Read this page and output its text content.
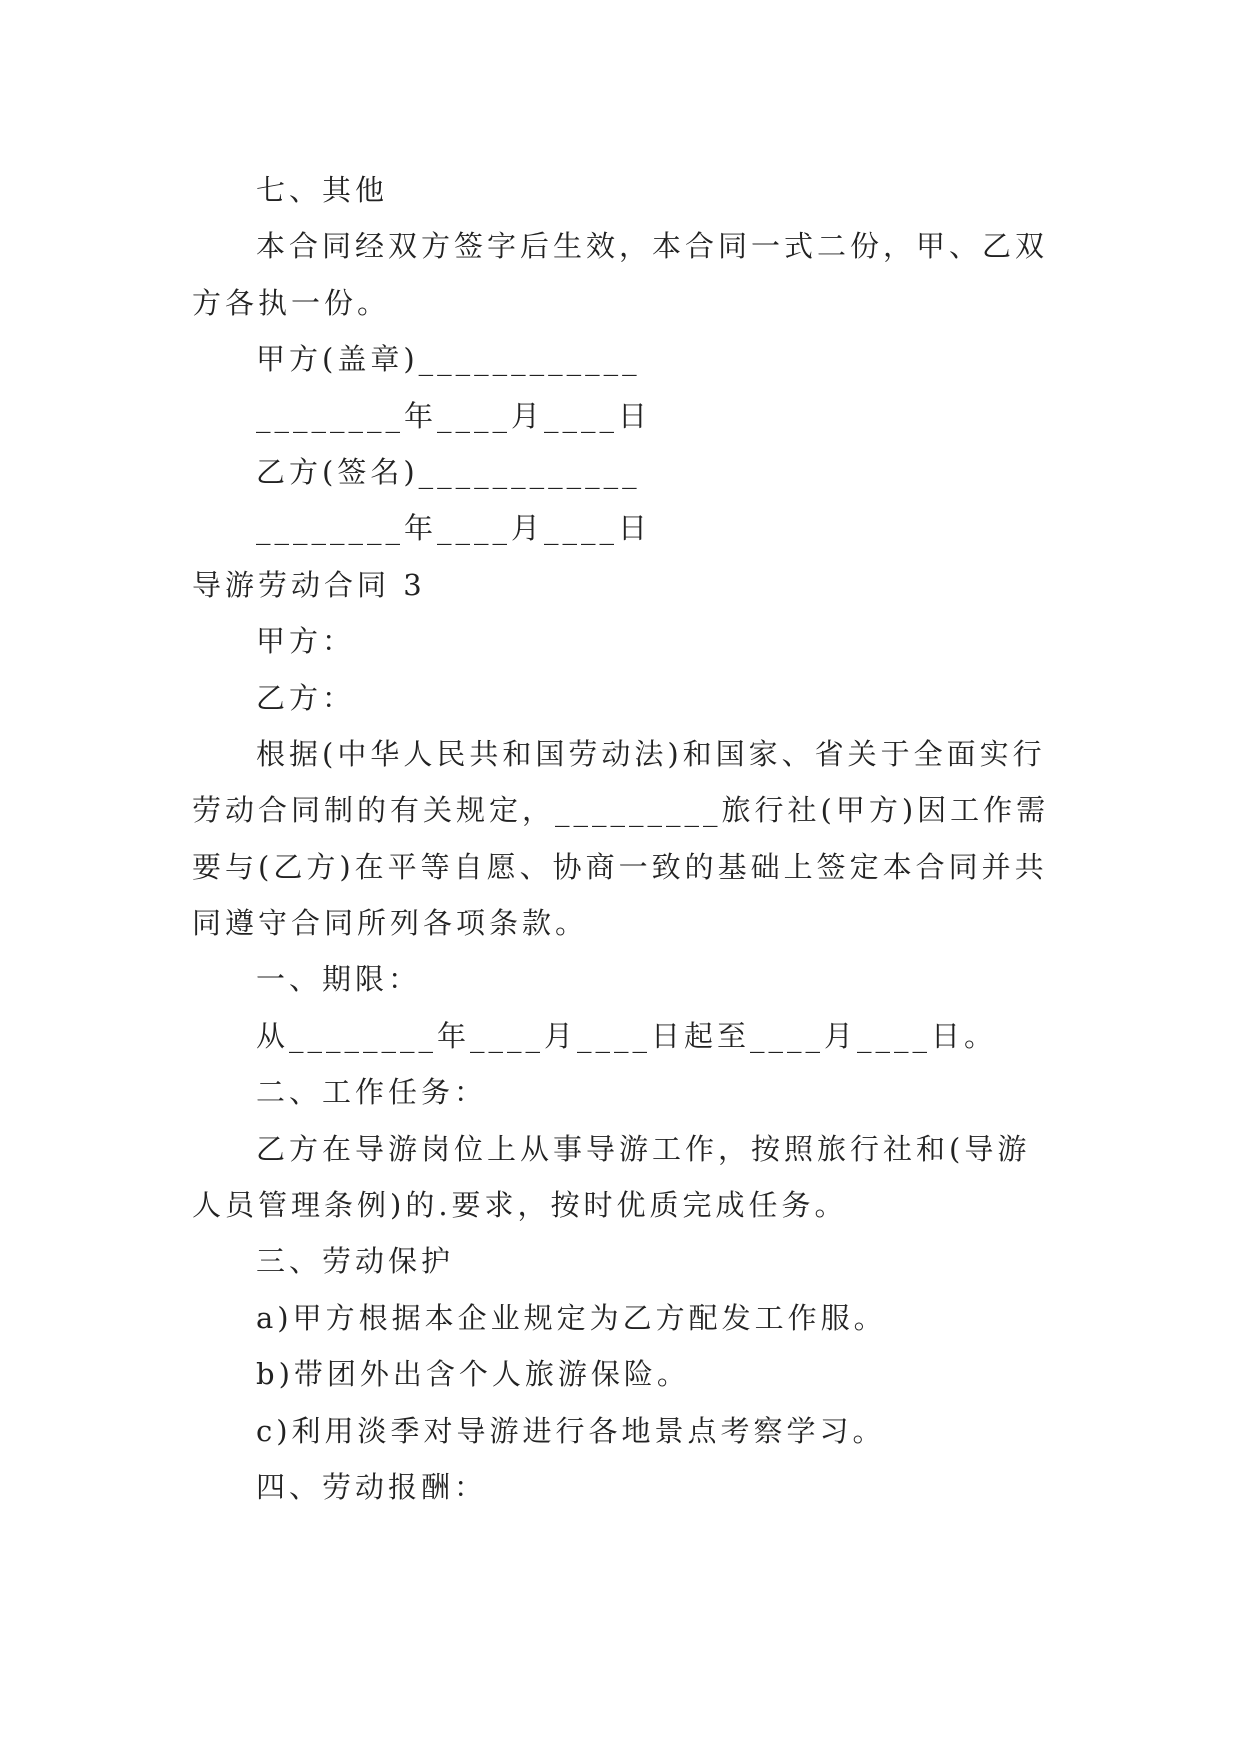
七、其他
本合同经双方签字后生效，本合同一式二份，甲、乙双
方各执一份。
甲方(盖章)____________
________年____月____日
乙方(签名)____________
________年____月____日
导游劳动合同 3
甲方：
乙方：
根据(中华人民共和国劳动法)和国家、省关于全面实行
劳动合同制的有关规定，_________旅行社(甲方)因工作需
要与(乙方)在平等自愿、协商一致的基础上签定本合同并共
同遵守合同所列各项条款。
一、期限：
从________年____月____日起至____月____日。
二、工作任务：
乙方在导游岗位上从事导游工作，按照旅行社和(导游
人员管理条例)的.要求，按时优质完成任务。
三、劳动保护
a)甲方根据本企业规定为乙方配发工作服。
b)带团外出含个人旅游保险。
c)利用淡季对导游进行各地景点考察学习。
四、劳动报酬：
